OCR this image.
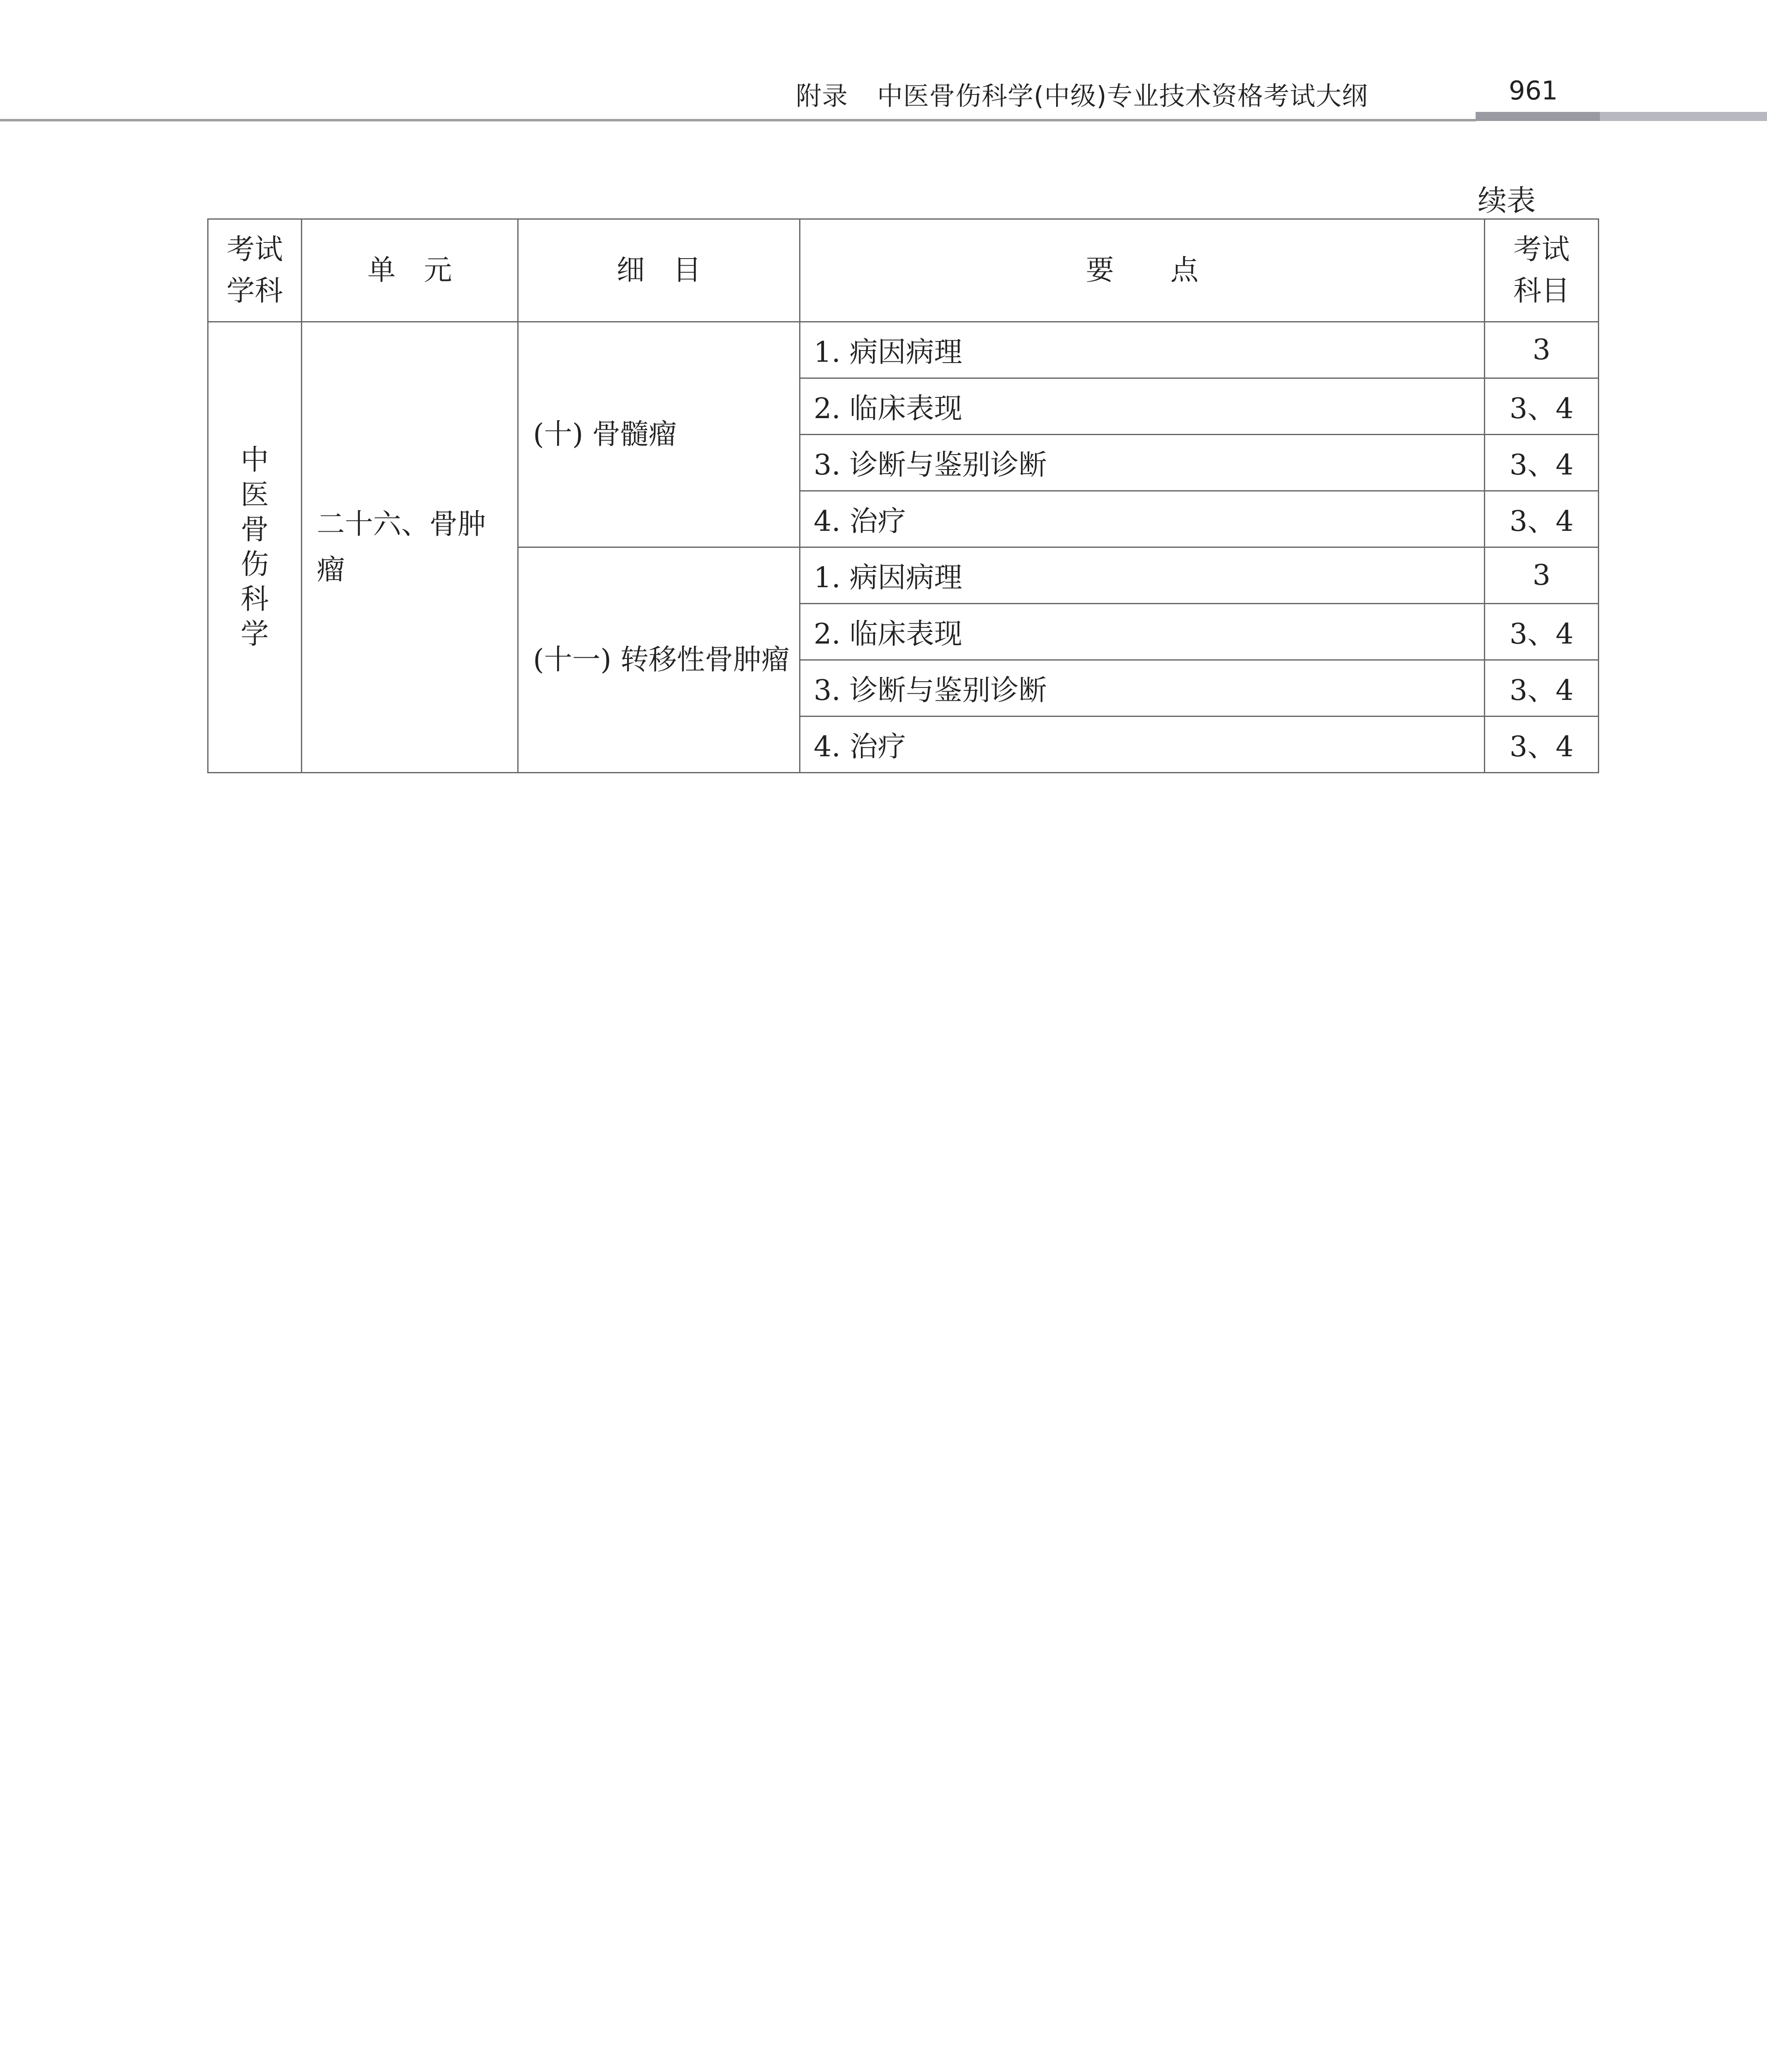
附录 中医骨伤科学(中级)专业技术资格考试大纲	961
续表
考试学科	单　元	细　目	要　　点	考试科目
中医骨伤科学	二十六、骨肿瘤	(十) 骨髓瘤	1. 病因病理	3
			2. 临床表现	3、4
			3. 诊断与鉴别诊断	3、4
			4. 治疗	3、4
		(十一) 转移性骨肿瘤	1. 病因病理	3
			2. 临床表现	3、4
			3. 诊断与鉴别诊断	3、4
			4. 治疗	3、4
